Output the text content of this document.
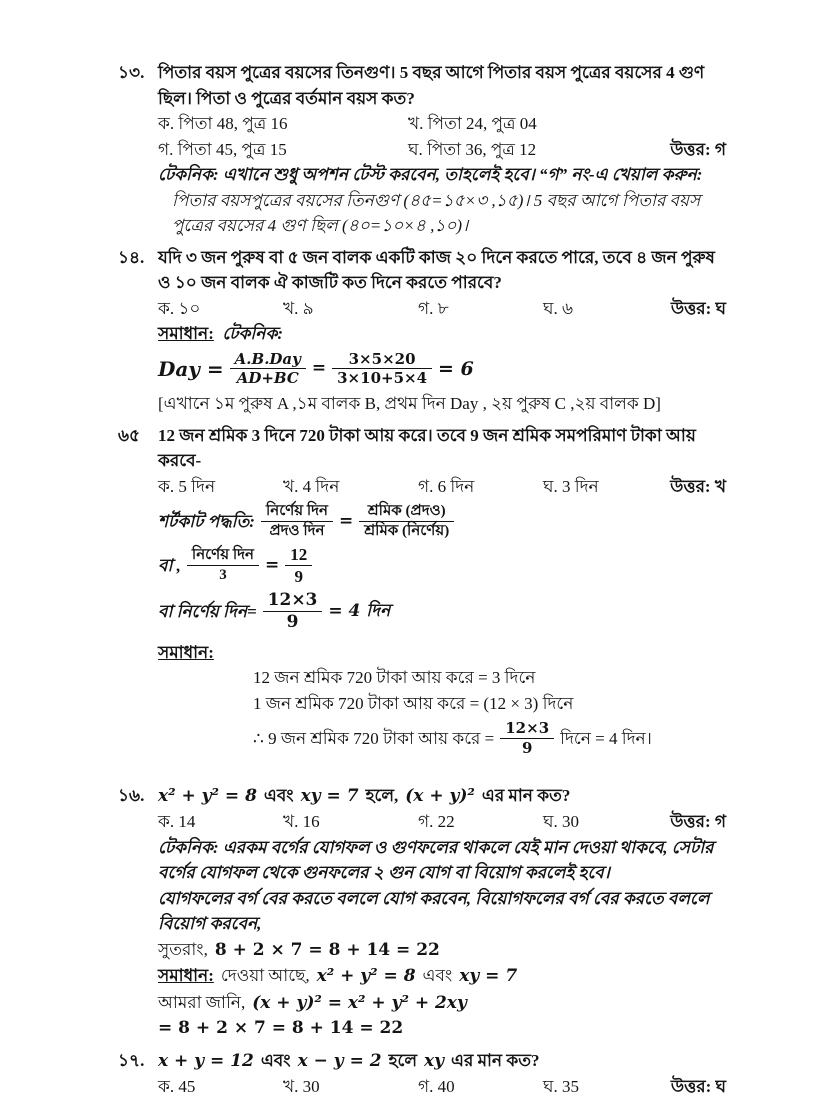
১৩. পিতার বয়স পুত্রের বয়সের তিনগুণ। 5 বছর আগে পিতার বয়স পুত্রের বয়সের 4 গুণ ছিল। পিতা ও পুত্রের বর্তমান বয়স কত?
ক. পিতা 48, পুত্র 16	খ. পিতা 24, পুত্র 04
গ. পিতা 45, পুত্র 15	ঘ. পিতা 36, পুত্র 12	উত্তর: গ
টেকনিক: এখানে শুধু অপশন টেস্ট করবেন, তাহলেই হবে। “গ” নং-এ খেয়াল করুন:
পিতার বয়সপুত্রের বয়সের তিনগুণ (৪৫=১৫×৩ ,১৫)। 5 বছর আগে পিতার বয়স পুত্রের বয়সের 4 গুণ ছিল (৪০=১০×৪ ,১০)।
১৪. যদি ৩ জন পুরুষ বা ৫ জন বালক একটি কাজ ২০ দিনে করতে পারে, তবে ৪ জন পুরুষ ও ১০ জন বালক ঐ কাজটি কত দিনে করতে পারবে?
ক. ১০	খ. ৯	গ. ৮	ঘ. ৬	উত্তর: ঘ
সমাধান: টেকনিক:
Day = $\frac{\text{A.B.Day}}{AD+BC} = \frac{3\times 5\times 20}{3\times 10+5\times 4} = 6$
[এখানে ১ম পুরুষ A ,১ম বালক B, প্রথম দিন Day , ২য় পুরুষ C ,২য় বালক D]
৬৫	12 জন শ্রমিক 3 দিনে 720 টাকা আয় করে। তবে 9 জন শ্রমিক সমপরিমাণ টাকা আয় করবে-
ক. 5 দিন	খ. 4 দিন	গ. 6 দিন	ঘ. 3 দিন	উত্তর: খ
শর্টকাট পদ্ধতি: $\frac{\text{নির্ণেয় দিন}}{\text{প্রদও দিন}} = \frac{\text{শ্রমিক (প্রদও)}}{\text{শ্রমিক (নির্ণেয়)}}$
বা , $\frac{\text{নির্ণেয় দিন}}{3} = \frac{12}{9}$
বা নির্ণেয় দিন= $\frac{12\times 3}{9} = 4$ দিন
সমাধান:
12 জন শ্রমিক 720 টাকা আয় করে = 3 দিনে
1 জন শ্রমিক 720 টাকা আয় করে = (12 × 3) দিনে
∴ 9 জন শ্রমিক 720 টাকা আয় করে = $\frac{12\times 3}{9}$ দিনে = 4 দিন।
১৬. x² + y² = 8 এবং xy = 7 হলে, (x + y)² এর মান কত?
ক. 14	খ. 16	গ. 22	ঘ. 30	উত্তর: গ
টেকনিক: এরকম বর্গের যোগফল ও গুণফলের থাকলে যেই মান দেওয়া থাকবে, সেটার বর্গের যোগফল থেকে গুনফলের ২ গুন যোগ বা বিয়োগ করলেই হবে।
যোগফলের বর্গ বের করতে বললে যোগ করবেন, বিয়োগফলের বর্গ বের করতে বললে বিয়োগ করবেন,
সুতরাং, 8 + 2 × 7 = 8 + 14 = 22
সমাধান: দেওয়া আছে, x² + y² = 8 এবং xy = 7
আমরা জানি, (x + y)² = x² + y² + 2xy
= 8 + 2 × 7 = 8 + 14 = 22
১৭. x + y = 12 এবং x − y = 2 হলে xy এর মান কত?
ক. 45	খ. 30	গ. 40	ঘ. 35	উত্তর: ঘ
